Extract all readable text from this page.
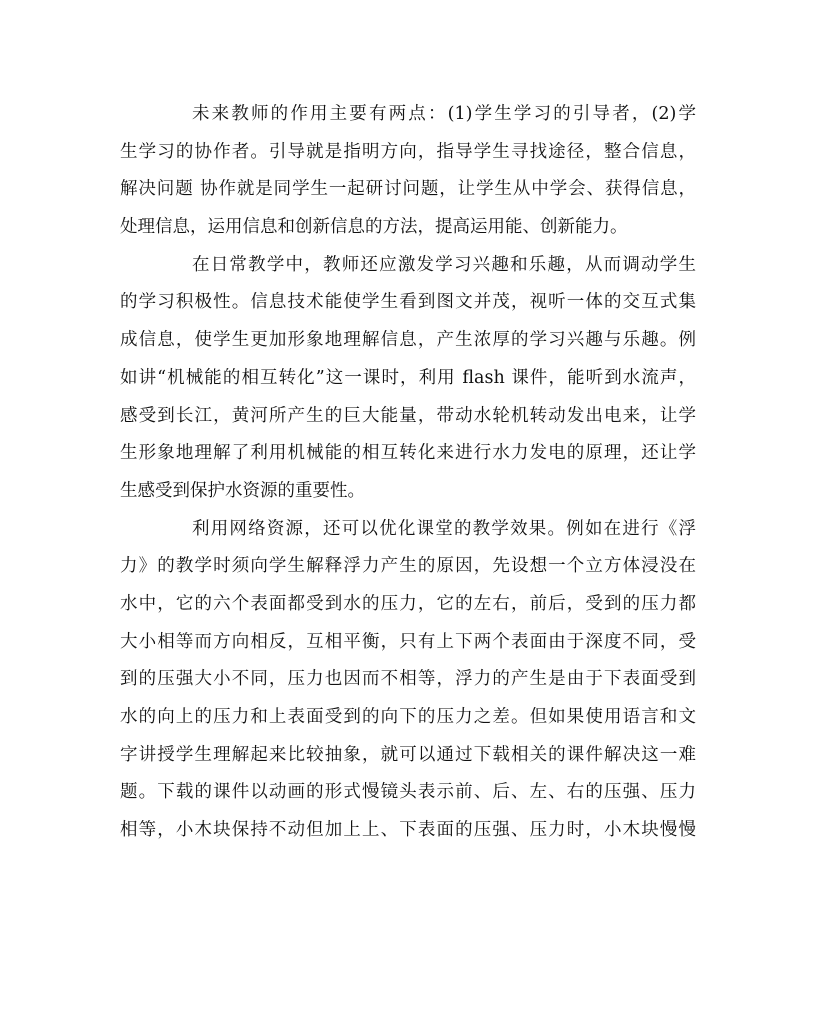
未来教师的作用主要有两点：(1)学生学习的引导者，(2)学
生学习的协作者。引导就是指明方向，指导学生寻找途径，整合信息，
解决问题 协作就是同学生一起研讨问题，让学生从中学会、获得信息，
处理信息，运用信息和创新信息的方法，提高运用能、创新能力。
在日常教学中，教师还应激发学习兴趣和乐趣，从而调动学生
的学习积极性。信息技术能使学生看到图文并茂，视听一体的交互式集
成信息，使学生更加形象地理解信息，产生浓厚的学习兴趣与乐趣。例
如讲“机械能的相互转化”这一课时，利用 flash 课件，能听到水流声，
感受到长江，黄河所产生的巨大能量，带动水轮机转动发出电来，让学
生形象地理解了利用机械能的相互转化来进行水力发电的原理，还让学
生感受到保护水资源的重要性。
利用网络资源，还可以优化课堂的教学效果。例如在进行《浮
力》的教学时须向学生解释浮力产生的原因，先设想一个立方体浸没在
水中，它的六个表面都受到水的压力，它的左右，前后，受到的压力都
大小相等而方向相反，互相平衡，只有上下两个表面由于深度不同，受
到的压强大小不同，压力也因而不相等，浮力的产生是由于下表面受到
水的向上的压力和上表面受到的向下的压力之差。但如果使用语言和文
字讲授学生理解起来比较抽象，就可以通过下载相关的课件解决这一难
题。下载的课件以动画的形式慢镜头表示前、后、左、右的压强、压力
相等，小木块保持不动但加上上、下表面的压强、压力时，小木块慢慢
